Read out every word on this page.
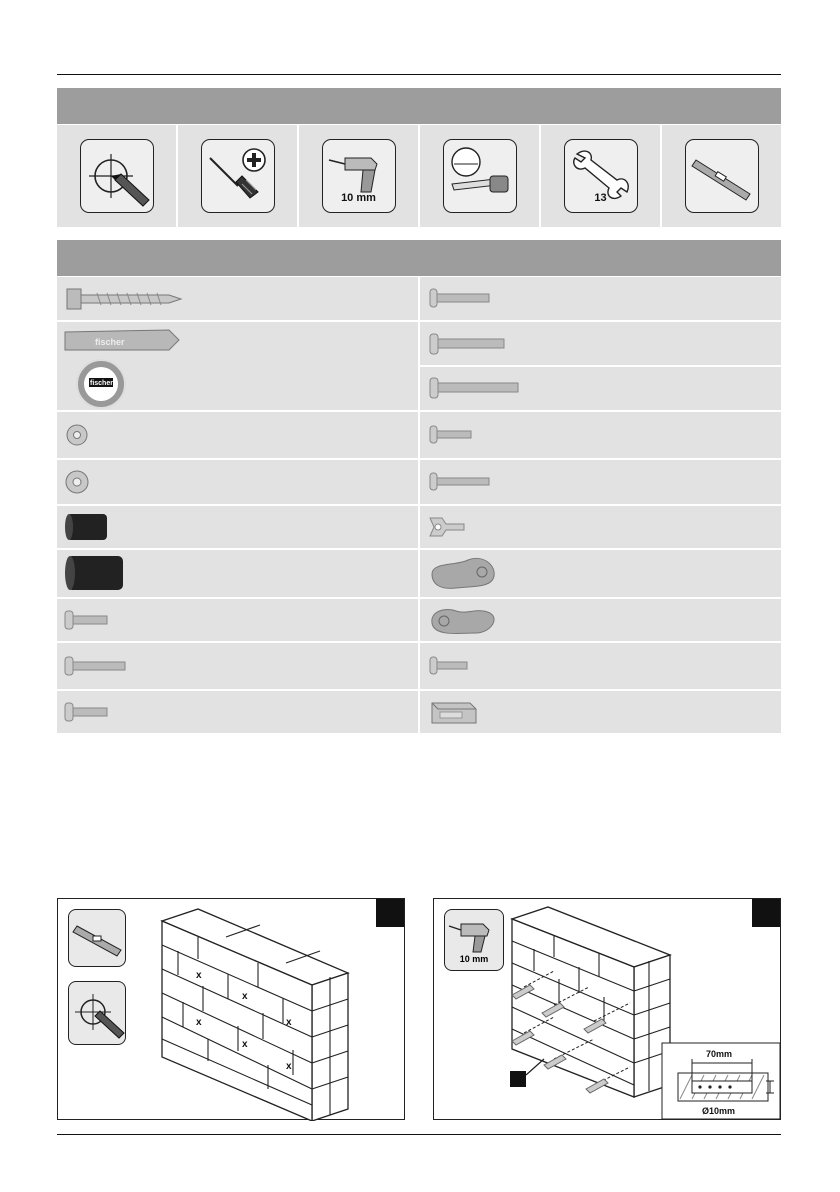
10 mm	13
fischer
fischer
x
x
x	x
x
x
10 mm
70mm
Ø10mm
